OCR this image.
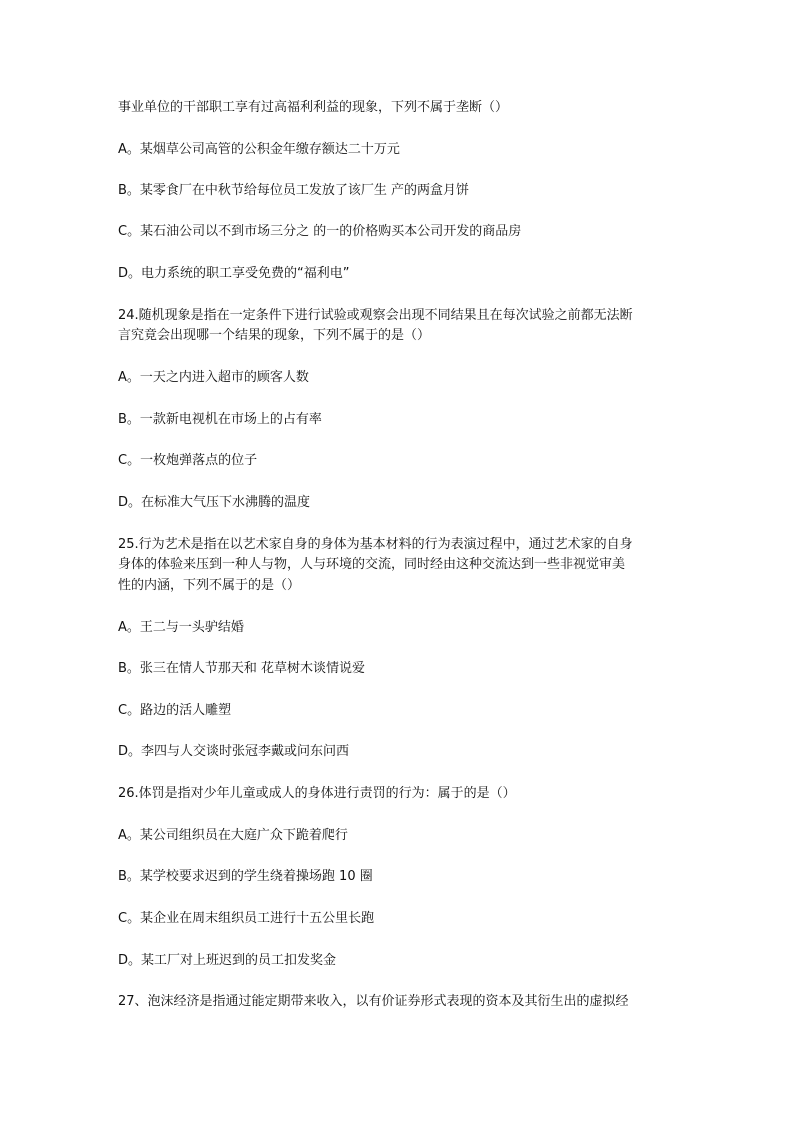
事业单位的干部职工享有过高福利利益的现象，下列不属于垄断（）
A。某烟草公司高管的公积金年缴存额达二十万元
B。某零食厂在中秋节给每位员工发放了该厂生 产的两盒月饼
C。某石油公司以不到市场三分之 的一的价格购买本公司开发的商品房
D。电力系统的职工享受免费的“福利电”
24.随机现象是指在一定条件下进行试验或观察会出现不同结果且在每次试验之前都无法断
言究竟会出现哪一个结果的现象，下列不属于的是（）
A。一天之内进入超市的顾客人数
B。一款新电视机在市场上的占有率
C。一枚炮弹落点的位子
D。在标准大气压下水沸腾的温度
25.行为艺术是指在以艺术家自身的身体为基本材料的行为表演过程中，通过艺术家的自身
身体的体验来压到一种人与物，人与环境的交流，同时经由这种交流达到一些非视觉审美
性的内涵，下列不属于的是（）
A。王二与一头驴结婚
B。张三在情人节那天和 花草树木谈情说爱
C。路边的活人雕塑
D。李四与人交谈时张冠李戴或问东问西
26.体罚是指对少年儿童或成人的身体进行责罚的行为：属于的是（）
A。某公司组织员在大庭广众下跪着爬行
B。某学校要求迟到的学生绕着操场跑 10 圈
C。某企业在周末组织员工进行十五公里长跑
D。某工厂对上班迟到的员工扣发奖金
27、泡沫经济是指通过能定期带来收入，以有价证券形式表现的资本及其衍生出的虚拟经
